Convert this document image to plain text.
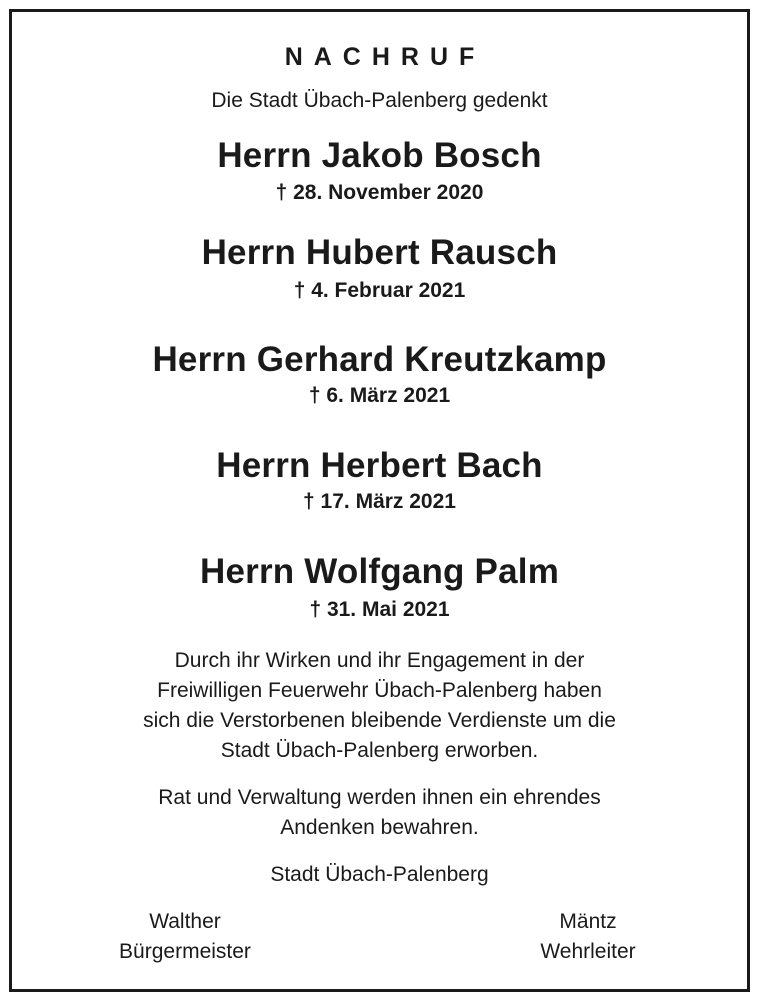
NACHRUF
Die Stadt Übach-Palenberg gedenkt
Herrn Jakob Bosch
† 28. November 2020
Herrn Hubert Rausch
† 4. Februar 2021
Herrn Gerhard Kreutzkamp
† 6. März 2021
Herrn Herbert Bach
† 17. März 2021
Herrn Wolfgang Palm
† 31. Mai 2021
Durch ihr Wirken und ihr Engagement in der
Freiwilligen Feuerwehr Übach-Palenberg haben
sich die Verstorbenen bleibende Verdienste um die
Stadt Übach-Palenberg erworben.
Rat und Verwaltung werden ihnen ein ehrendes
Andenken bewahren.
Stadt Übach-Palenberg
Walther
Bürgermeister
Mäntz
Wehrleiter
